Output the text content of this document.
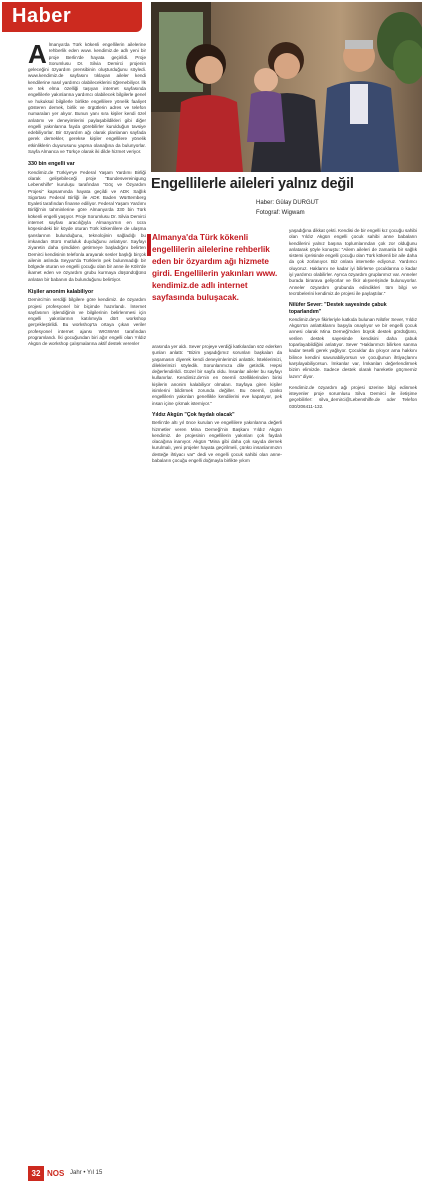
Haber

Almanya'da Türk kökenli engellilerin ailelerine rehberlik eden www. kendimiz.de adlı yeni bir proje Berlin'de hayata geçirildi. Proje Sorumlusu Dr. Silvia Demirci projenin geleceğini özyardım prensibinin oluşturduğunu söyledi. www.kendimiz.de sayfasını tıklayan aileler kendi kendilerine nasıl yardımcı olabileceklerini öğrenebiliyor. İlk ve tek elma özelliği taşıyan internet sayfasında engellilerle yakınlarına yardımcı olabilecek bilgilerle genel ve hukuksal bilgilerle birlikte engellilere yönelik faaliyet gösteren dernek, birlik ve örgütlerin adres ve telefon numaraları yer alıyor. Bunun yanı sıra kişiler kendi özel anlatımı ve deneyimlerini paylaşabildikleri gibi diğer engelli yakınlarına fayda görebilirler kurulduğun tavsiye edebiliyorlar. Bir özyardım ağı olarak planlanan sayfada gerek dernekler, gerekse kişiler engellilere yönelik etkinliklerin duyurusunu yapma olanağına da bulunyorlar. Sayfa Almanca ve Türkçe olarak iki dilde hizmet veriyor.

330 bin engelli var

Kendimiz.de Türkiye'ye Federal Yaşam Yardımı Birliği olarak gelişebileceği proje "Bundesvereinigung Lebenshilfe" kuruluşu tarafından "Göç ve Özyardım Projesi" kapsamında hayata geçildi ve ADK Sağlık Sigortası Federal Birliği ile ADK Baden Württemberg Eyaleti tarafından finanse ediliyor. Federal Yaşam Yardımı Birliği'nin tahminlerine göre Almanya'da 330 bin Türk kökenli engelli yaşıyor. Proje Sorumlusu Dr. Silvia Demirci internet sayfası aracılığıyla Almanya'nın en ücra köşesindeki bir köyde oturan Türk kökenlilere de ulaşma şanslarının bulunduğunu, teknolojinin sağladığı bu imkandan ötürü mutluluk duyduğunu anlatıyor. Sayfayı ziyaretin daha şimdiden getirmeye başladığını belirten Demirci kendisinin telefonla arayarak sesler başlığı birçok ailenin aslında Seyyar'da Türklerin pek bulunmadığı bir bölgede oturan ve engelli çocuğu olan bir anne ile Köln'de ikamet eden ve özyardım grubu kurmaya düşündüğünü anlatan bir babanın da bulunduğunu belirtiyor.

Kişiler anonim kalabiliyor

Demirci'nin verdiği bilgilere göre kendimiz. de özyardım projesi profesyonel bir biçimde hazırlandı. İnternet sayfasının işlendiğinin ve bilgilerinin belirlenmesi için engelli yakınlarının katılımıyla dört workshop gerçekleştirildi. Bu workshop'ta ortaya çıkan veriler profesyonel internet ajansı WIGWAM tarafından programlandı. İki gocuğundan biri ağır engelli olan Yıldız Akgün de workshop çalışmalarına aktif destek verenler

Engellilerle aileleri yalnız değil
Haber: Gülay DURGUT
Fotograf: Wigwam
Almanya'da Türk kökenli engellilerin ailelerine rehberlik eden bir özyardım ağı hizmete girdi. Engellilerin yakınları www. kendimiz.de adlı internet sayfasında buluşacak.

arasında yer aldı. Sever projeye verdiği katkılardan söz ederken şunları anlattı: "Bizim yaşadığımız sorunları başkaları da yaşamasın diyerek kendi deneyimlerimizi anlattık. İsteklerimizi, dileklerimizi söyledik. Sorunlarımıza dile getirdik. Hepsi değerlendirildi. Güzel bir sayfa oldu. İnsanlar aileler bu sayfayı kullanırlar. Kendimiz.de'nin en önemli özelliklerinden birisi kişilerin anonim kalabiliyor olmaları. Sayfaya giren kişiler isimlerini bildirmek zorunda değiller. Bu önemli, çünkü engellilerin yakınları genellikle kendilerini eve kapatıyor, pek insan içine çıkmak istemiyor."

Yıldız Akgün "Çok faydalı olacak"

Berlin'de altı yıl önce kurulan ve engellilere yakınlarına değerli hizmetler veren Mina Derneği'nin Başkanı Yıldız Akgün kendimiz. de projesinin engellilerin yakınları çok faydalı olacağına inanıyor. Akgün "Mina gibi daha çok sayıda dernek kurulmalı, yeni projeler hayata geçirilmeli, çünkü insanlarımızın desteğe ihtiyacı var" dedi ve engelli çocuk sahibi olan anne-babaların çocuğu engelli doğmayla birlikte yıkım

yaşadığına dikkat çekti. Kendisi de bir engelli kız çocuğu sahibi olan Yıldız Akgün engelli çocuk sahibi anne babaların kendilerini yalnız başına toplumlarından çok zor olduğunu anlatarak şöyle konuştu: "Ailem aileleri de zamanla bir sağlık sistemi içerisinde engelli çocuğu olan Türk kökenli bir aile daha da çok zorlanıyor. Biz onlara internetle ediyoruz. Yardımcı oluyoruz. Haklarını ne kadar iyi bilirlerse çocuklarına o kadar iyi yardımcı olabilirler. Ayrıca özyardım gruplarımız var. Anneler burada birarava geliyorlar ve fikir alışverişinde bulunuyorlar. Anneler özyardım grubunda edindikleri tüm bilgi ve tecrübelerini kendimiz.de projesi ile paylaştılar."

Nilüfer Sever: "Destek sayesinde çabuk toparlandım"

Kendimiz.de'ye fikirleriyle katkıda bulunan Nilüfer Sever, Yıldız Akgün'ün anlattıklarını başıyla onaylıyor ve bir engelli çocuk annesi olarak Mina Derneği'nden büyük destek gördüğünü, verilen destek sayesinde kendisini daha çabuk toparlayabildiğini anlatıyor. Sever "Haklarımızı bilirken sanma kadar teselli gerek yağlıyor. Çocuklar da çıkıyor ama hakkını bilince kendini savunabiliyorsun ve çocuğunun ihtiyaçlarını karşılayabiliyorsun. İmkanlar var, İmkanları değerlendirmek bizim elimizde. Sadece destek olarak hareketle göçmemiz lazım" diyor.

Kendimiz.de özyardım ağı projesi üzerine bilgi edinmek isteyenler proje sorumlusu Silva Demirci ile iletişime geçebilirler: silva_demirci@Lebenshilfe.de oder Telefon 030/206411-132.

32 NOS Jahr • Yıl 15
